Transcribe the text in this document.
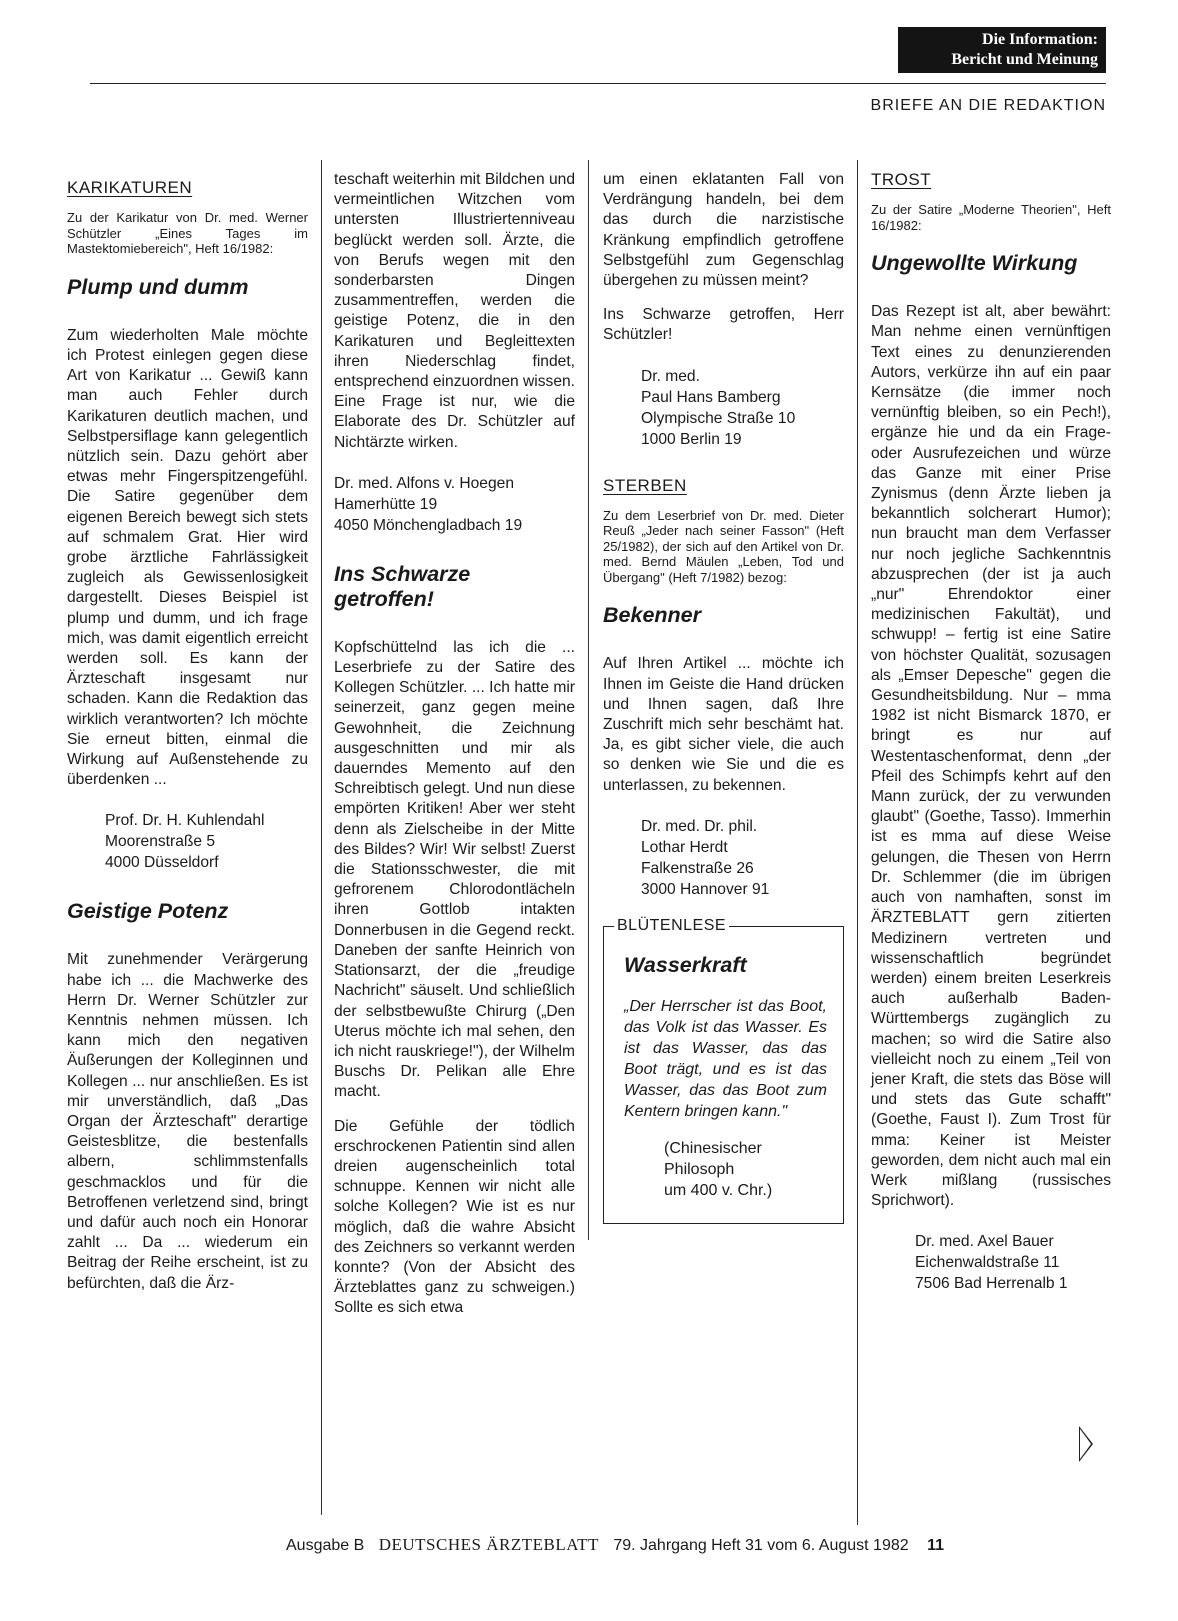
Die Information:
Bericht und Meinung
BRIEFE AN DIE REDAKTION
KARIKATUREN

Zu der Karikatur von Dr. med. Werner Schützler „Eines Tages im Mastektomiebereich", Heft 16/1982:

Plump und dumm

Zum wiederholten Male möchte ich Protest einlegen gegen diese Art von Karikatur ... Gewiß kann man auch Fehler durch Karikaturen deutlich machen, und Selbstpersiflage kann gelegentlich nützlich sein. Dazu gehört aber etwas mehr Fingerspitzengefühl. Die Satire gegenüber dem eigenen Bereich bewegt sich stets auf schmalem Grat. Hier wird grobe ärztliche Fahrlässigkeit zugleich als Gewissenlosigkeit dargestellt. Dieses Beispiel ist plump und dumm, und ich frage mich, was damit eigentlich erreicht werden soll. Es kann der Ärzteschaft insgesamt nur schaden. Kann die Redaktion das wirklich verantworten? Ich möchte Sie erneut bitten, einmal die Wirkung auf Außenstehende zu überdenken ...

Prof. Dr. H. Kuhlendahl
Moorenstraße 5
4000 Düsseldorf
Geistige Potenz

Mit zunehmender Verärgerung habe ich ... die Machwerke des Herrn Dr. Werner Schützler zur Kenntnis nehmen müssen. Ich kann mich den negativen Äußerungen der Kolleginnen und Kollegen ... nur anschließen. Es ist mir unverständlich, daß „Das Organ der Ärzteschaft" derartige Geistesblitze, die bestenfalls albern, schlimmstenfalls geschmacklos und für die Betroffenen verletzend sind, bringt und dafür auch noch ein Honorar zahlt ... Da ... wiederum ein Beitrag der Reihe erscheint, ist zu befürchten, daß die Ärz-

teschaft weiterhin mit Bildchen und vermeintlichen Witzchen vom untersten Illustriertenniveau beglückt werden soll. Ärzte, die von Berufs wegen mit den sonderbarsten Dingen zusammentreffen, werden die geistige Potenz, die in den Karikaturen und Begleittexten ihren Niederschlag findet, entsprechend einzuordnen wissen. Eine Frage ist nur, wie die Elaborate des Dr. Schützler auf Nichtärzte wirken.

Dr. med. Alfons v. Hoegen
Hamerhütte 19
4050 Mönchengladbach 19
Ins Schwarze getroffen!

Kopfschüttelnd las ich die ... Leserbriefe zu der Satire des Kollegen Schützler. ... Ich hatte mir seinerzeit, ganz gegen meine Gewohnheit, die Zeichnung ausgeschnitten und mir als dauerndes Memento auf den Schreibtisch gelegt. Und nun diese empörten Kritiken! Aber wer steht denn als Zielscheibe in der Mitte des Bildes? Wir! Wir selbst! Zuerst die Stationsschwester, die mit gefrorenem Chlorodontlächeln ihren Gottlob intakten Donnerbusen in die Gegend reckt. Daneben der sanfte Heinrich von Stationsarzt, der die „freudige Nachricht" säuselt. Und schließlich der selbstbewußte Chirurg („Den Uterus möchte ich mal sehen, den ich nicht rauskriege!"), der Wilhelm Buschs Dr. Pelikan alle Ehre macht.

Die Gefühle der tödlich erschrockenen Patientin sind allen dreien augenscheinlich total schnuppe. Kennen wir nicht alle solche Kollegen? Wie ist es nur möglich, daß die wahre Absicht des Zeichners so verkannt werden konnte? (Von der Absicht des Ärzteblattes ganz zu schweigen.) Sollte es sich etwa

um einen eklatanten Fall von Verdrängung handeln, bei dem das durch die narzistische Kränkung empfindlich getroffene Selbstgefühl zum Gegenschlag übergehen zu müssen meint?

Ins Schwarze getroffen, Herr Schützler!

Dr. med.
Paul Hans Bamberg
Olympische Straße 10
1000 Berlin 19
STERBEN

Zu dem Leserbrief von Dr. med. Dieter Reuß „Jeder nach seiner Fasson" (Heft 25/1982), der sich auf den Artikel von Dr. med. Bernd Mäulen „Leben, Tod und Übergang" (Heft 7/1982) bezog:

Bekenner

Auf Ihren Artikel ... möchte ich Ihnen im Geiste die Hand drücken und Ihnen sagen, daß Ihre Zuschrift mich sehr beschämt hat. Ja, es gibt sicher viele, die auch so denken wie Sie und die es unterlassen, zu bekennen.

Dr. med. Dr. phil.
Lothar Herdt
Falkenstraße 26
3000 Hannover 91
BLÜTENLESE
Wasserkraft

„Der Herrscher ist das Boot, das Volk ist das Wasser. Es ist das Wasser, das das Boot trägt, und es ist das Wasser, das das Boot zum Kentern bringen kann."

(Chinesischer
Philosoph
um 400 v. Chr.)
TROST

Zu der Satire „Moderne Theorien", Heft 16/1982:

Ungewollte Wirkung

Das Rezept ist alt, aber bewährt: Man nehme einen vernünftigen Text eines zu denunzierenden Autors, verkürze ihn auf ein paar Kernsätze (die immer noch vernünftig bleiben, so ein Pech!), ergänze hie und da ein Frage- oder Ausrufezeichen und würze das Ganze mit einer Prise Zynismus (denn Ärzte lieben ja bekanntlich solcherart Humor); nun braucht man dem Verfasser nur noch jegliche Sachkenntnis abzusprechen (der ist ja auch „nur" Ehrendoktor einer medizinischen Fakultät), und schwupp! – fertig ist eine Satire von höchster Qualität, sozusagen als „Emser Depesche" gegen die Gesundheitsbildung. Nur – mma 1982 ist nicht Bismarck 1870, er bringt es nur auf Westentaschenformat, denn „der Pfeil des Schimpfs kehrt auf den Mann zurück, der zu verwunden glaubt" (Goethe, Tasso). Immerhin ist es mma auf diese Weise gelungen, die Thesen von Herrn Dr. Schlemmer (die im übrigen auch von namhaften, sonst im ÄRZTEBLATT gern zitierten Medizinern vertreten und wissenschaftlich begründet werden) einem breiten Leserkreis auch außerhalb Baden-Württembergs zugänglich zu machen; so wird die Satire also vielleicht noch zu einem „Teil von jener Kraft, die stets das Böse will und stets das Gute schafft" (Goethe, Faust I). Zum Trost für mma: Keiner ist Meister geworden, dem nicht auch mal ein Werk mißlang (russisches Sprichwort).

Dr. med. Axel Bauer
Eichenwaldstraße 11
7506 Bad Herrenalb 1
Ausgabe B DEUTSCHES ÄRZTEBLATT 79. Jahrgang Heft 31 vom 6. August 1982 11
